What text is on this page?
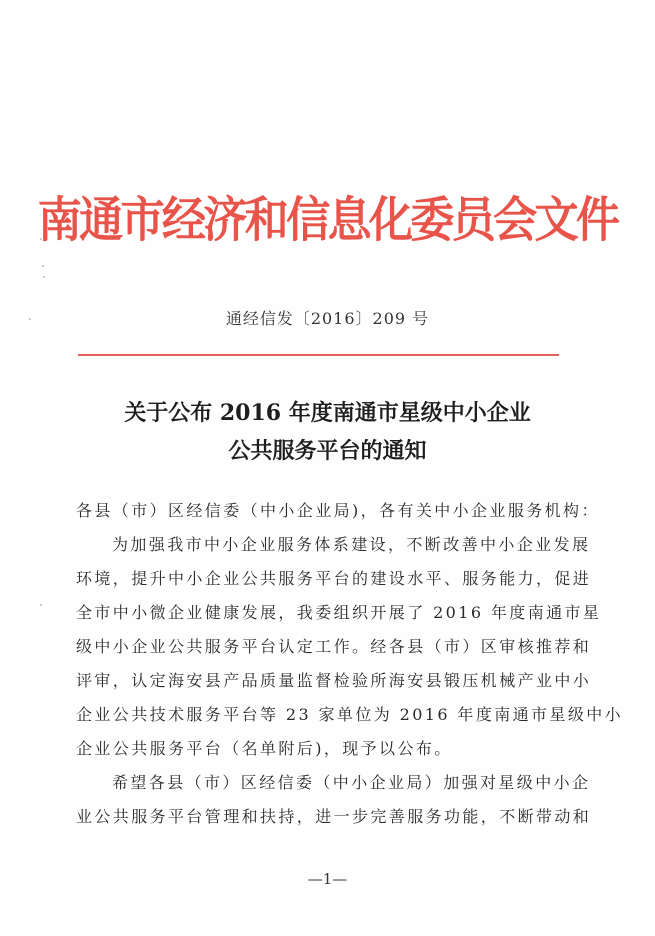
南通市经济和信息化委员会文件
通经信发〔2016〕209 号
关于公布 2016 年度南通市星级中小企业
公共服务平台的通知
各县（市）区经信委（中小企业局)，各有关中小企业服务机构：
为加强我市中小企业服务体系建设，不断改善中小企业发展
环境，提升中小企业公共服务平台的建设水平、服务能力，促进
全市中小微企业健康发展，我委组织开展了 2016 年度南通市星
级中小企业公共服务平台认定工作。经各县（市）区审核推荐和
评审，认定海安县产品质量监督检验所海安县锻压机械产业中小
企业公共技术服务平台等 23 家单位为 2016 年度南通市星级中小
企业公共服务平台（名单附后)，现予以公布。
希望各县（市）区经信委（中小企业局）加强对星级中小企
业公共服务平台管理和扶持，进一步完善服务功能，不断带动和
—1—
